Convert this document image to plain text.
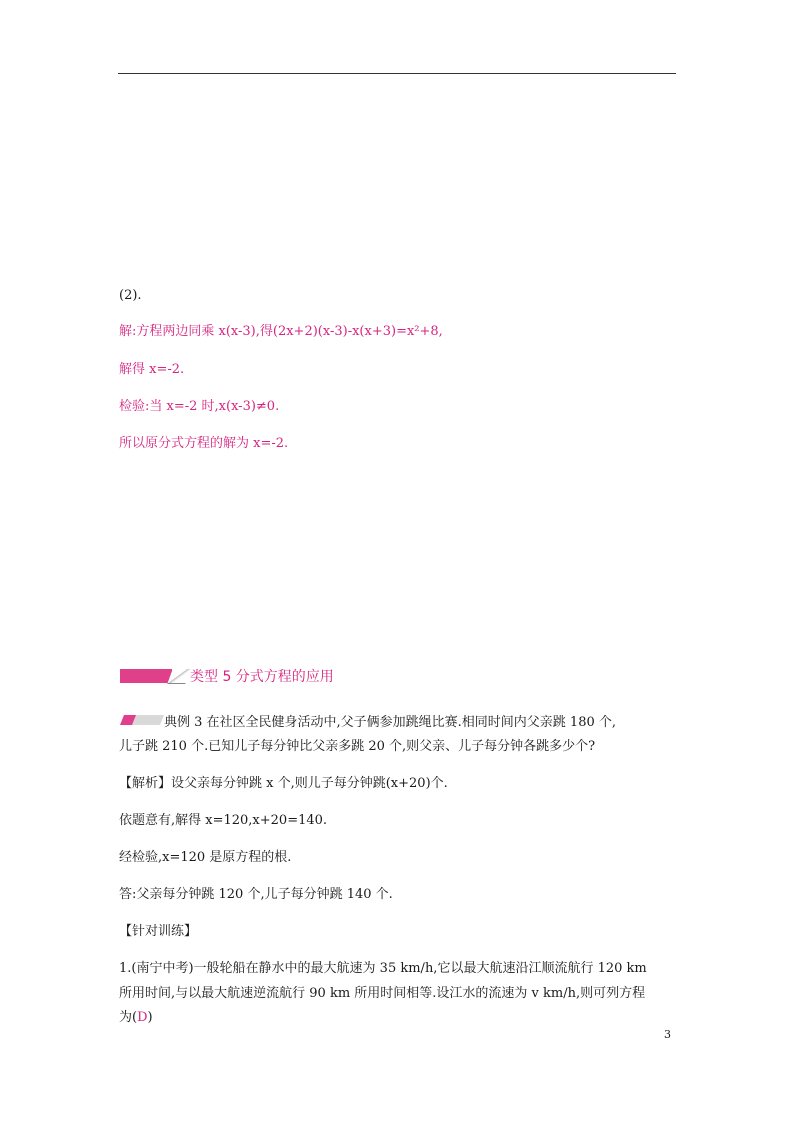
(2).
解:方程两边同乘 x(x-3),得(2x+2)(x-3)-x(x+3)=x²+8,
解得 x=-2.
检验:当 x=-2 时,x(x-3)≠0.
所以原分式方程的解为 x=-2.
类型 5 分式方程的应用
典例 3 在社区全民健身活动中,父子俩参加跳绳比赛.相同时间内父亲跳 180 个,
儿子跳 210 个.已知儿子每分钟比父亲多跳 20 个,则父亲、儿子每分钟各跳多少个?
【解析】设父亲每分钟跳 x 个,则儿子每分钟跳(x+20)个.
依题意有,解得 x=120,x+20=140.
经检验,x=120 是原方程的根.
答:父亲每分钟跳 120 个,儿子每分钟跳 140 个.
【针对训练】
1.(南宁中考)一般轮船在静水中的最大航速为 35 km/h,它以最大航速沿江顺流航行 120 km
所用时间,与以最大航速逆流航行 90 km 所用时间相等.设江水的流速为 v km/h,则可列方程
为(D)
3
